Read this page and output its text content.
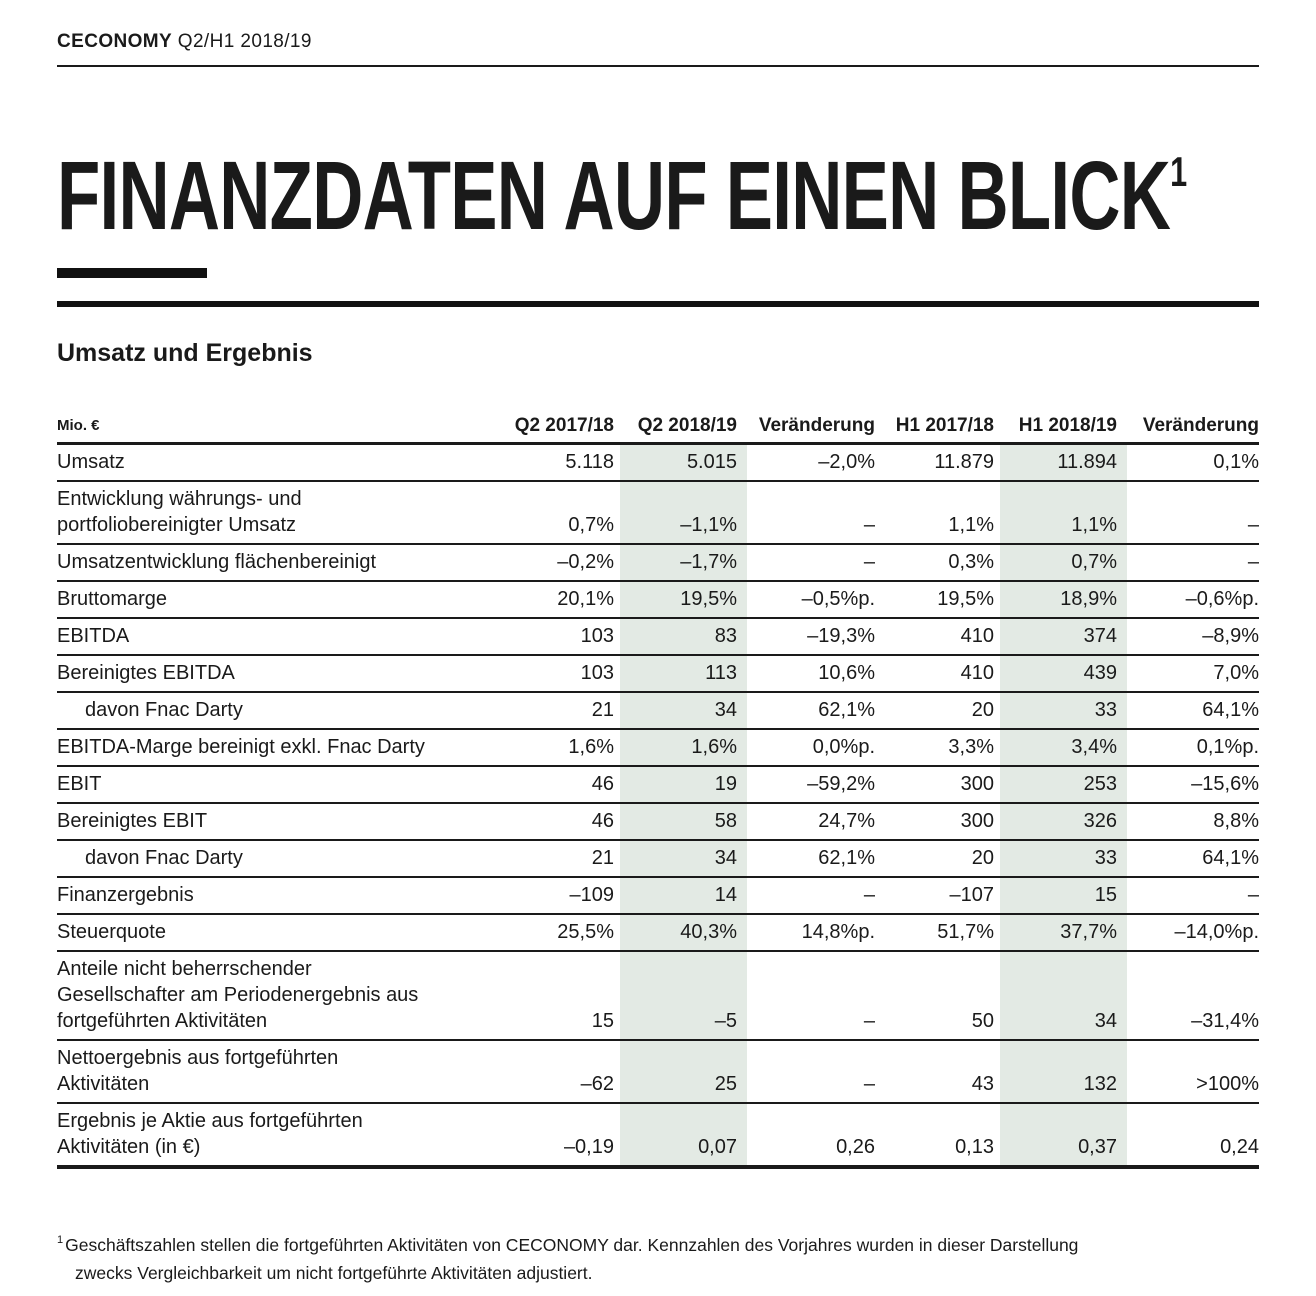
CECONOMY Q2/H1 2018/19
FINANZDATEN AUF EINEN BLICK$^1$
Umsatz und Ergebnis
Mio. €	Q2 2017/18	Q2 2018/19	Veränderung	H1 2017/18	H1 2018/19	Veränderung

Umsatz	5.118	5.015	–2,0%	11.879	11.894	0,1%

Entwicklung währungs- und
portfoliobereinigter Umsatz	0,7%	–1,1%	–	1,1%	1,1%	–

Umsatzentwicklung flächenbereinigt	–0,2%	–1,7%	–	0,3%	0,7%	–

Bruttomarge	20,1%	19,5%	–0,5%p.	19,5%	18,9%	–0,6%p.

EBITDA	103	83	–19,3%	410	374	–8,9%

Bereinigtes EBITDA	103	113	10,6%	410	439	7,0%

davon Fnac Darty	21	34	62,1%	20	33	64,1%

EBITDA-Marge bereinigt exkl. Fnac Darty	1,6%	1,6%	0,0%p.	3,3%	3,4%	0,1%p.

EBIT	46	19	–59,2%	300	253	–15,6%

Bereinigtes EBIT	46	58	24,7%	300	326	8,8%

davon Fnac Darty	21	34	62,1%	20	33	64,1%

Finanzergebnis	–109	14	–	–107	15	–

Steuerquote	25,5%	40,3%	14,8%p.	51,7%	37,7%	–14,0%p.

Anteile nicht beherrschender
Gesellschafter am Periodenergebnis aus
fortgeführten Aktivitäten	15	–5	–	50	34	–31,4%

Nettoergebnis aus fortgeführten
Aktivitäten	–62	25	–	43	132	>100%

Ergebnis je Aktie aus fortgeführten
Aktivitäten (in €)	–0,19	0,07	0,26	0,13	0,37	0,24
$^1$ Geschäftszahlen stellen die fortgeführten Aktivitäten von CECONOMY dar. Kennzahlen des Vorjahres wurden in dieser Darstellung
zwecks Vergleichbarkeit um nicht fortgeführte Aktivitäten adjustiert.
